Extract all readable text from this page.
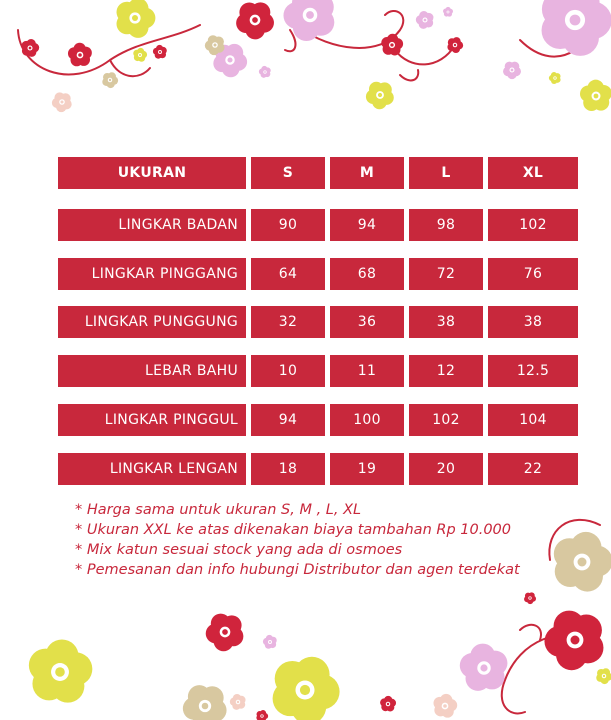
UKURAN	S	M	L	XL
LINGKAR BADAN	90	94	98	102
LINGKAR PINGGANG	64	68	72	76
LINGKAR PUNGGUNG	32	36	38	38
LEBAR BAHU	10	11	12	12.5
LINGKAR PINGGUL	94	100	102	104
LINGKAR LENGAN	18	19	20	22
* Harga sama untuk ukuran S, M , L, XL
* Ukuran XXL ke atas dikenakan biaya tambahan Rp 10.000
* Mix katun sesuai stock yang ada di osmoes
* Pemesanan dan info hubungi Distributor dan agen terdekat
